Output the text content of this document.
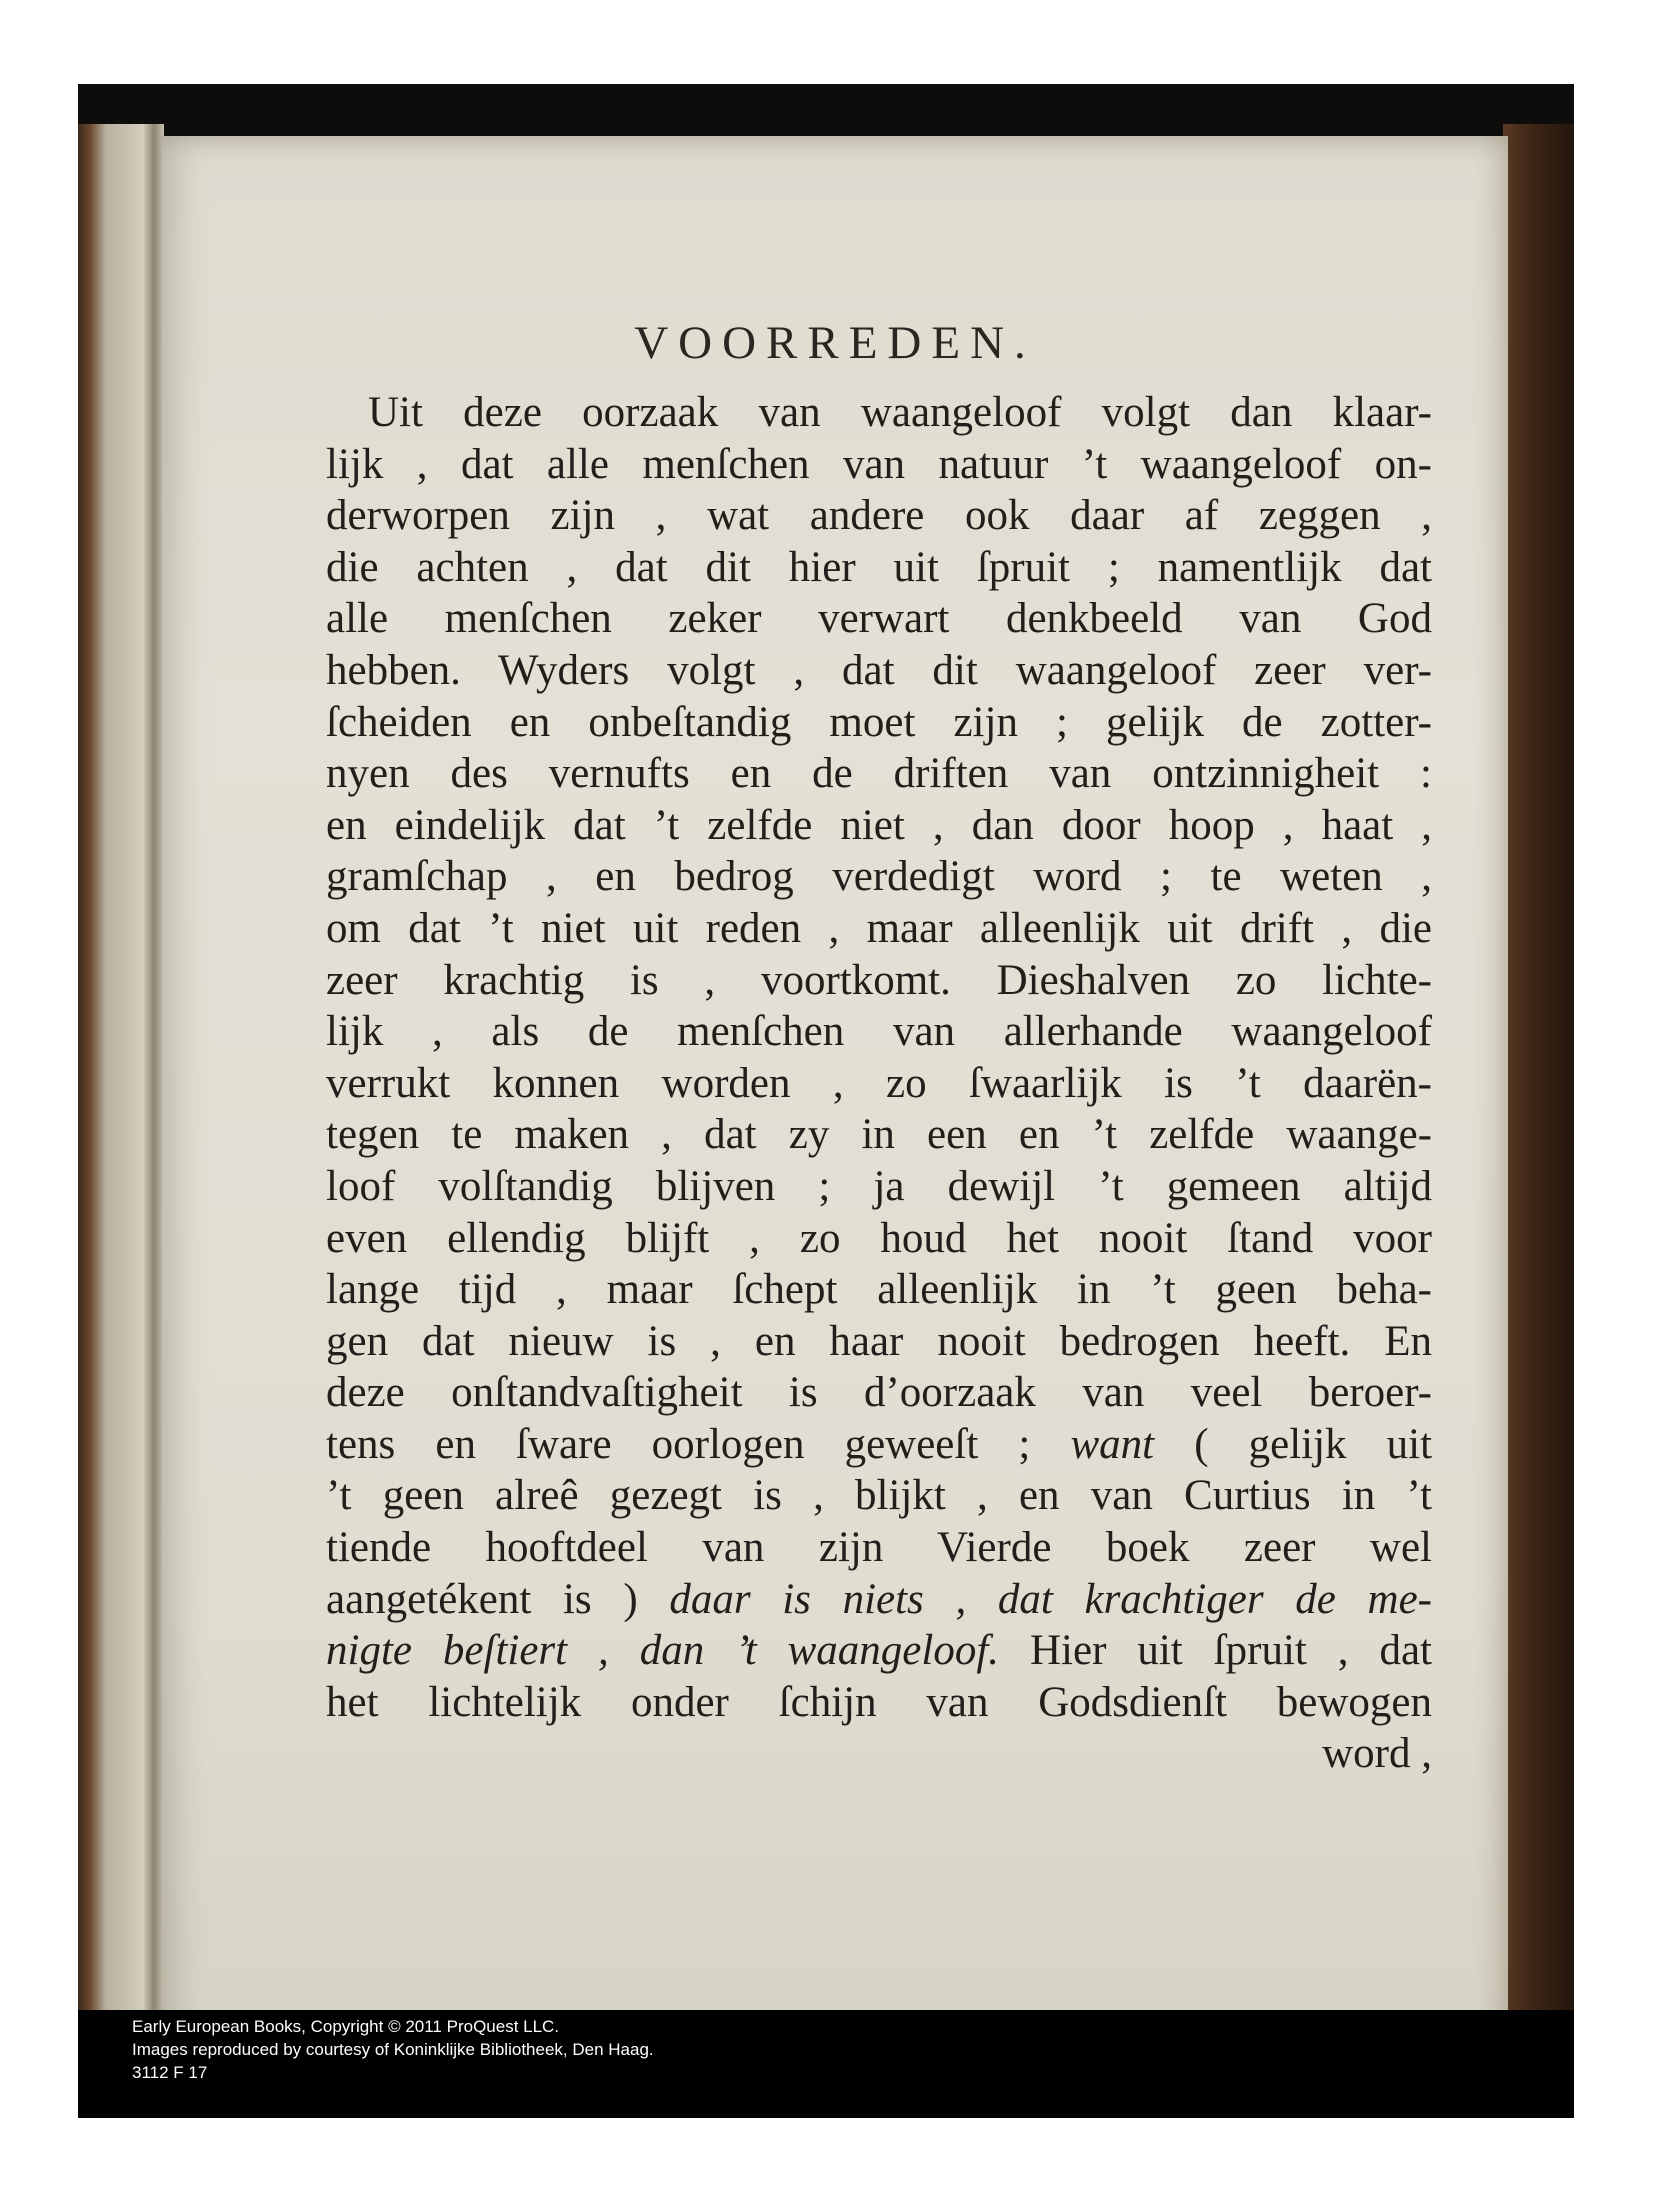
VOORREDEN.
Uit deze oorzaak van waangeloof volgt dan klaar-
lijk , dat alle menſchen van natuur ’t waangeloof on-
derworpen zijn , wat andere ook daar af zeggen ,
die achten , dat dit hier uit ſpruit ; namentlijk dat
alle menſchen zeker verwart denkbeeld van God
hebben. Wyders volgt , dat dit waangeloof zeer ver-
ſcheiden en onbeſtandig moet zijn ; gelijk de zotter-
nyen des vernufts en de driften van ontzinnigheit :
en eindelijk dat ’t zelfde niet , dan door hoop , haat ,
gramſchap , en bedrog verdedigt word ; te weten ,
om dat ’t niet uit reden , maar alleenlijk uit drift , die
zeer krachtig is , voortkomt. Dieshalven zo lichte-
lijk , als de menſchen van allerhande waangeloof
verrukt konnen worden , zo ſwaarlijk is ’t daarën-
tegen te maken , dat zy in een en ’t zelfde waange-
loof volſtandig blijven ; ja dewijl ’t gemeen altijd
even ellendig blijft , zo houd het nooit ſtand voor
lange tijd , maar ſchept alleenlijk in ’t geen beha-
gen dat nieuw is , en haar nooit bedrogen heeft. En
deze onſtandvaſtigheit is d’oorzaak van veel beroer-
tens en ſware oorlogen geweeſt ; want ( gelijk uit
’t geen alreê gezegt is , blijkt , en van Curtius in ’t
tiende hooftdeel van zijn Vierde boek zeer wel
aangetékent is ) daar is niets , dat krachtiger de me-
nigte beſtiert , dan ’t waangeloof. Hier uit ſpruit , dat
het lichtelijk onder ſchijn van Godsdienſt bewogen
word ,
Early European Books, Copyright © 2011 ProQuest LLC.
Images reproduced by courtesy of Koninklijke Bibliotheek, Den Haag.
3112 F 17
